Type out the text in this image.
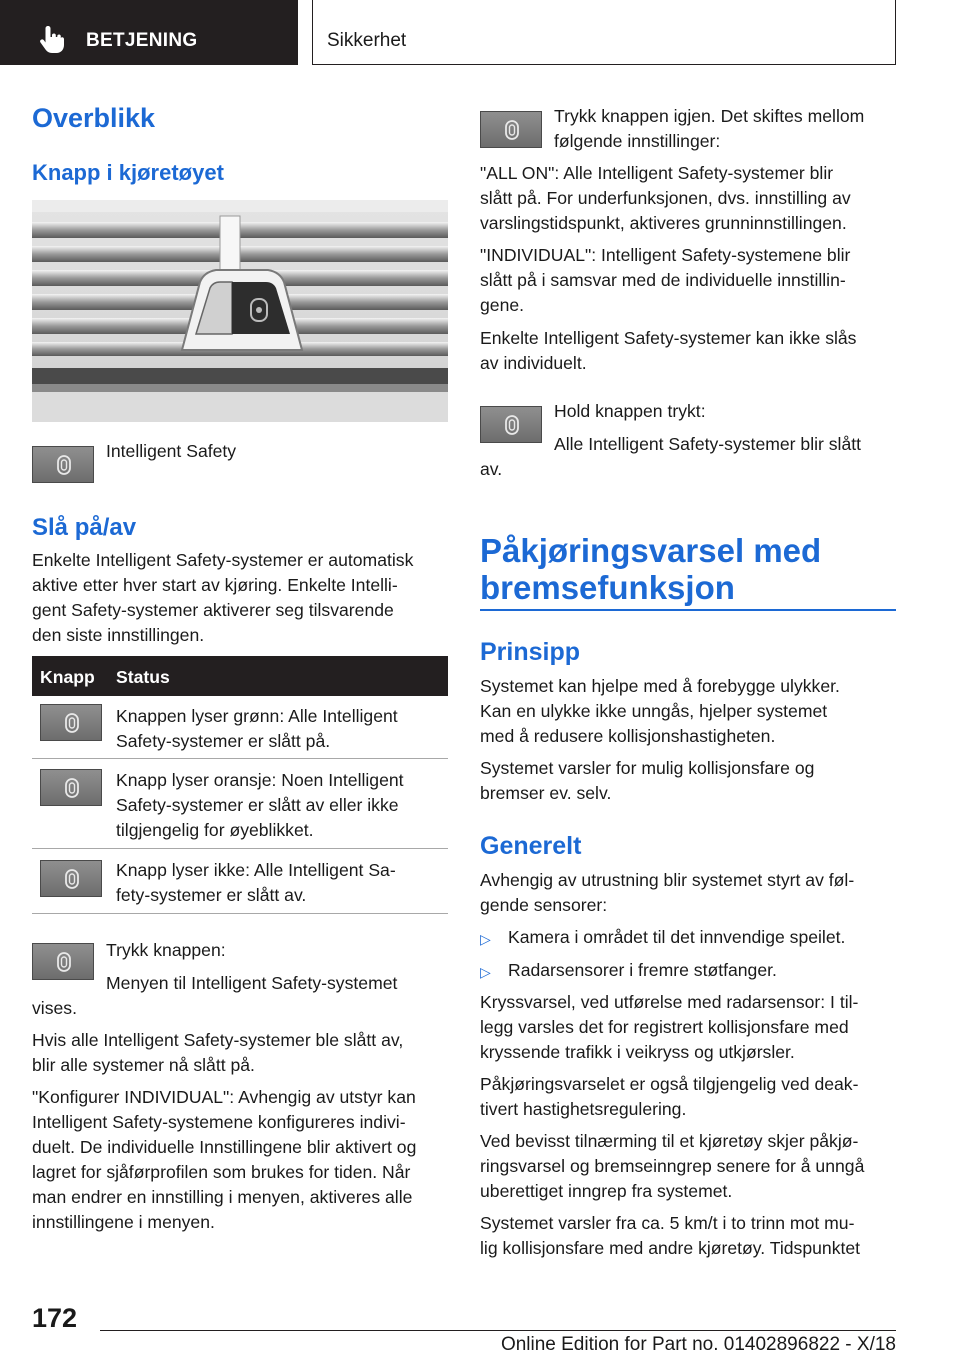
BETJENING	Sikkerhet
Overblikk
Knapp i kjøretøyet
Intelligent Safety
Slå på/av
Enkelte Intelligent Safety-systemer er automatisk
aktive etter hver start av kjøring. Enkelte Intelli-
gent Safety-systemer aktiverer seg tilsvarende
den siste innstillingen.
Knapp Status
Knappen lyser grønn: Alle Intelligent
Safety-systemer er slått på.
Knapp lyser oransje: Noen Intelligent
Safety-systemer er slått av eller ikke
tilgjengelig for øyeblikket.
Knapp lyser ikke: Alle Intelligent Sa-
fety-systemer er slått av.
Trykk knappen:
Menyen til Intelligent Safety-systemet
vises.
Hvis alle Intelligent Safety-systemer ble slått av,
blir alle systemer nå slått på.
"Konfigurer INDIVIDUAL": Avhengig av utstyr kan
Intelligent Safety-systemene konfigureres indivi-
duelt. De individuelle Innstillingene blir aktivert og
lagret for sjåførprofilen som brukes for tiden. Når
man endrer en innstilling i menyen, aktiveres alle
innstillingene i menyen.
Trykk knappen igjen. Det skiftes mellom
følgende innstillinger:
"ALL ON": Alle Intelligent Safety-systemer blir
slått på. For underfunksjonen, dvs. innstilling av
varslingstidspunkt, aktiveres grunninnstillingen.
"INDIVIDUAL": Intelligent Safety-systemene blir
slått på i samsvar med de individuelle innstillin-
gene.
Enkelte Intelligent Safety-systemer kan ikke slås
av individuelt.
Hold knappen trykt:
Alle Intelligent Safety-systemer blir slått
av.
Påkjøringsvarsel med
bremsefunksjon
Prinsipp
Systemet kan hjelpe med å forebygge ulykker.
Kan en ulykke ikke unngås, hjelper systemet
med å redusere kollisjonshastigheten.
Systemet varsler for mulig kollisjonsfare og
bremser ev. selv.
Generelt
Avhengig av utrustning blir systemet styrt av føl-
gende sensorer:
▷ Kamera i området til det innvendige speilet.
▷ Radarsensorer i fremre støtfanger.
Kryssvarsel, ved utførelse med radarsensor: I til-
legg varsles det for registrert kollisjonsfare med
kryssende trafikk i veikryss og utkjørsler.
Påkjøringsvarselet er også tilgjengelig ved deak-
tivert hastighetsregulering.
Ved bevisst tilnærming til et kjøretøy skjer påkjø-
ringsvarsel og bremseinngrep senere for å unngå
uberettiget inngrep fra systemet.
Systemet varsler fra ca. 5 km/t i to trinn mot mu-
lig kollisjonsfare med andre kjøretøy. Tidspunktet
172
Online Edition for Part no. 01402896822 - X/18
